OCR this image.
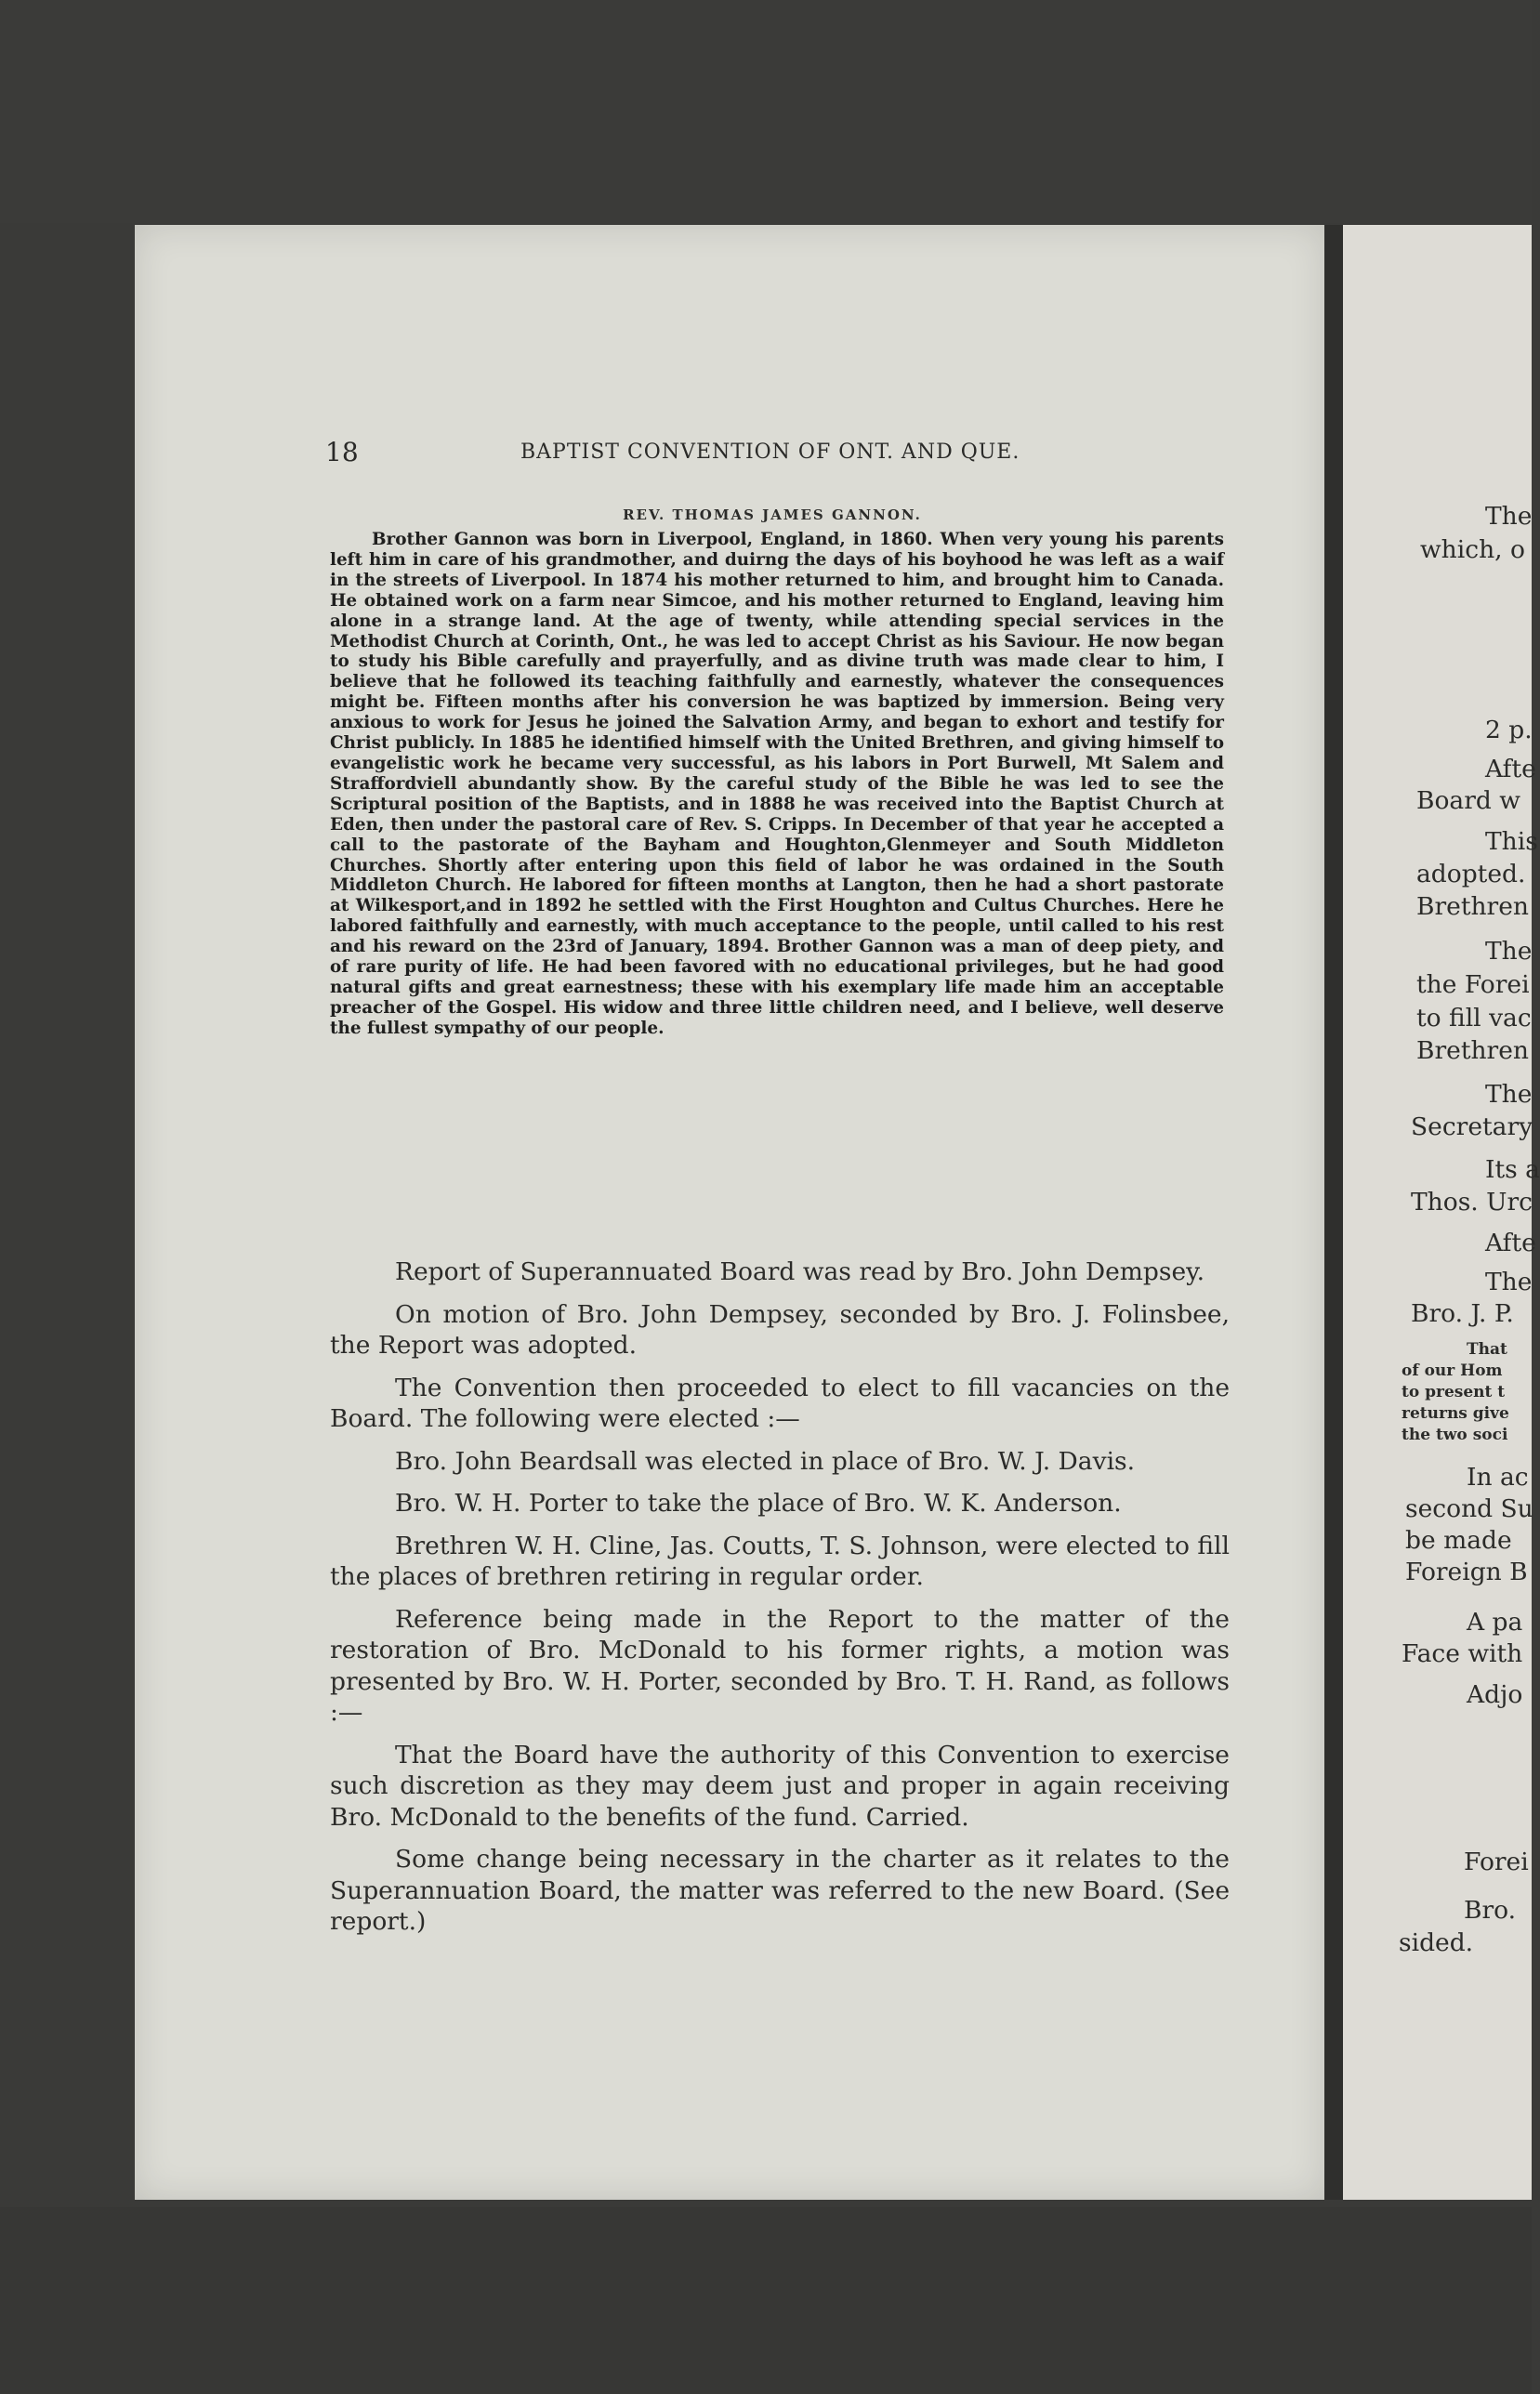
18	BAPTIST CONVENTION OF ONT. AND QUE.
REV. THOMAS JAMES GANNON.

Brother Gannon was born in Liverpool, England, in 1860. When very young his parents left him in care of his grandmother, and duirng the days of his boyhood he was left as a waif in the streets of Liverpool. In 1874 his mother returned to him, and brought him to Canada. He obtained work on a farm near Simcoe, and his mother returned to England, leaving him alone in a strange land. At the age of twenty, while attending special services in the Methodist Church at Corinth, Ont., he was led to accept Christ as his Saviour. He now began to study his Bible carefully and prayerfully, and as divine truth was made clear to him, I believe that he followed its teaching faithfully and earnestly, whatever the consequences might be. Fifteen months after his conversion he was baptized by immersion. Being very anxious to work for Jesus he joined the Salvation Army, and began to exhort and testify for Christ publicly. In 1885 he identified himself with the United Brethren, and giving himself to evangelistic work he became very successful, as his labors in Port Burwell, Mt Salem and Straffordviell abundantly show. By the careful study of the Bible he was led to see the Scriptural position of the Baptists, and in 1888 he was received into the Baptist Church at Eden, then under the pastoral care of Rev. S. Cripps. In December of that year he accepted a call to the pastorate of the Bayham and Houghton,Glenmeyer and South Middleton Churches. Shortly after entering upon this field of labor he was ordained in the South Middleton Church. He labored for fifteen months at Langton, then he had a short pastorate at Wilkesport,and in 1892 he settled with the First Houghton and Cultus Churches. Here he labored faithfully and earnestly, with much acceptance to the people, until called to his rest and his reward on the 23rd of January, 1894. Brother Gannon was a man of deep piety, and of rare purity of life. He had been favored with no educational privileges, but he had good natural gifts and great earnestness; these with his exemplary life made him an acceptable preacher of the Gospel. His widow and three little children need, and I believe, well deserve the fullest sympathy of our people.

Report of Superannuated Board was read by Bro. John Dempsey.

On motion of Bro. John Dempsey, seconded by Bro. J. Folinsbee, the Report was adopted.

The Convention then proceeded to elect to fill vacancies on the Board. The following were elected :—

Bro. John Beardsall was elected in place of Bro. W. J. Davis.

Bro. W. H. Porter to take the place of Bro. W. K. Anderson.

Brethren W. H. Cline, Jas. Coutts, T. S. Johnson, were elected to fill the places of brethren retiring in regular order.

Reference being made in the Report to the matter of the restoration of Bro. McDonald to his former rights, a motion was presented by Bro. W. H. Porter, seconded by Bro. T. H. Rand, as follows :—

That the Board have the authority of this Convention to exercise such discretion as they may deem just and proper in again receiving Bro. McDonald to the benefits of the fund. Carried.

Some change being necessary in the charter as it relates to the Superannuation Board, the matter was referred to the new Board. (See report.)

The
which, o
2 p.
Afte
Board w
This
adopted.
Brethren
The
the Forei
to fill vac
Brethren
The
Secretary
Its a
Thos. Urc
Afte
The
Bro. J. P.
That
of our Hom
to present t
returns give
the two soci
In ac
second Su
be made
Foreign B
A pa
Face with
Adjo
Forei
Bro.
sided.
